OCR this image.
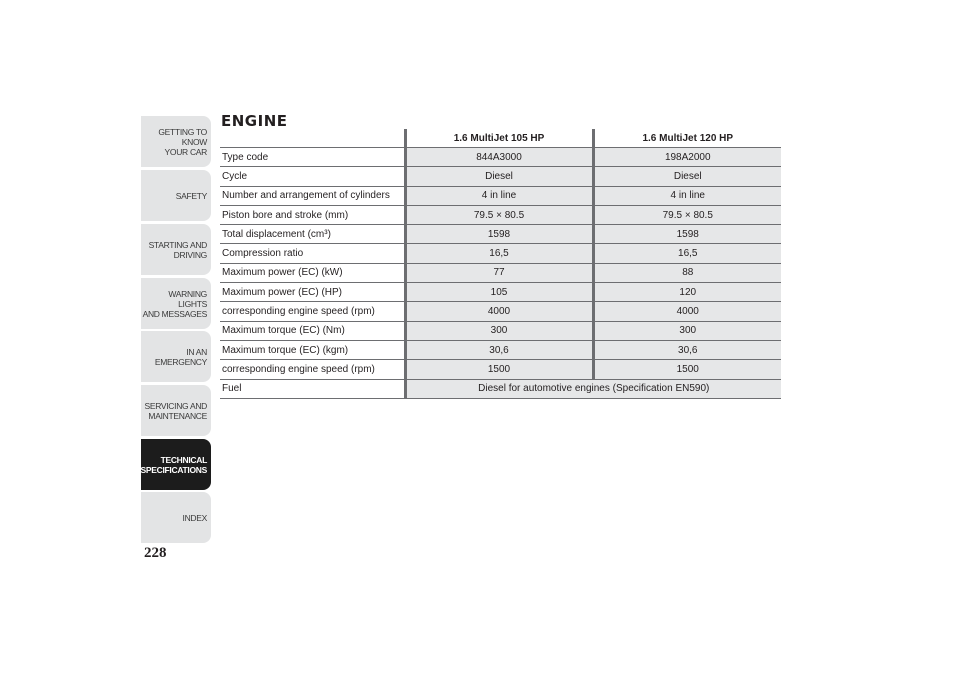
GETTING TO KNOW
YOUR CAR
SAFETY
STARTING AND
DRIVING
WARNING LIGHTS
AND MESSAGES
IN AN EMERGENCY
SERVICING AND
MAINTENANCE
TECHNICAL
SPECIFICATIONS
INDEX
228
ENGINE
	1.6 MultiJet 105 HP	1.6 MultiJet 120 HP
Type code	844A3000	198A2000
Cycle	Diesel	Diesel
Number and arrangement of cylinders	4 in line	4 in line
Piston bore and stroke (mm)	79.5 × 80.5	79.5 × 80.5
Total displacement (cm³)	1598	1598
Compression ratio	16,5	16,5
Maximum power (EC) (kW)	77	88
Maximum power (EC) (HP)	105	120
corresponding engine speed (rpm)	4000	4000
Maximum torque (EC) (Nm)	300	300
Maximum torque (EC) (kgm)	30,6	30,6
corresponding engine speed (rpm)	1500	1500
Fuel	Diesel for automotive engines (Specification EN590)	
